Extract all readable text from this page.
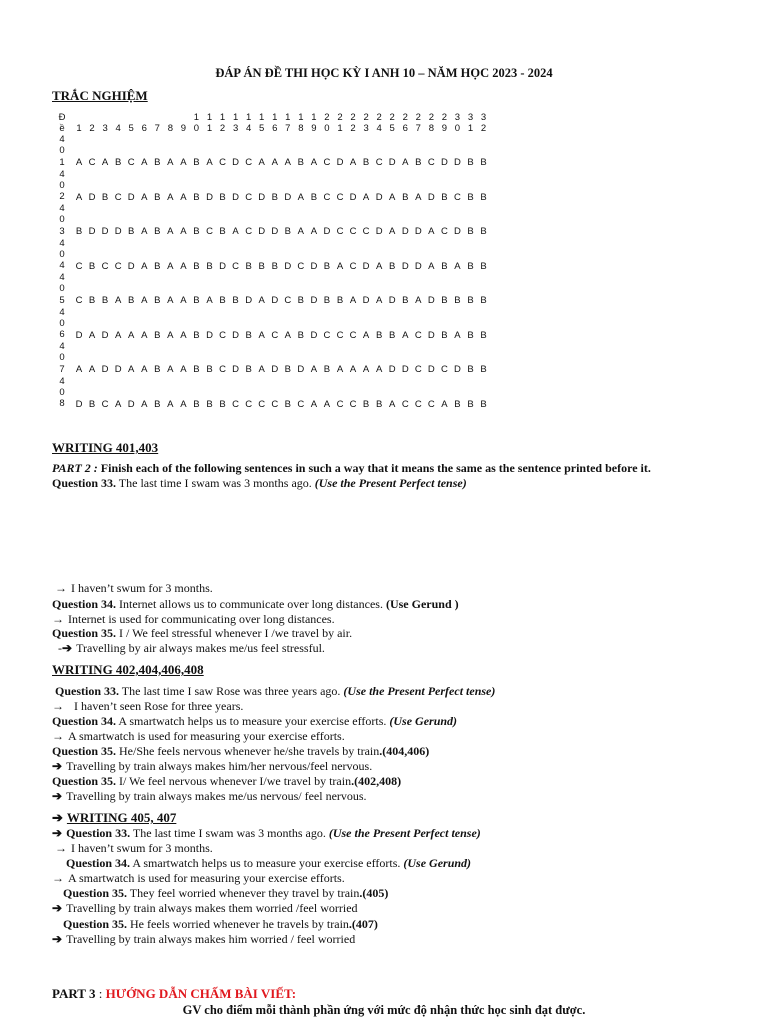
ĐÁP ÁN ĐỀ THI HỌC KỲ I ANH 10 – NĂM HỌC 2023 - 2024
TRẮC NGHIỆM
Đ
ề	1 2 3 4 5 6 7 8 9
1
0
1
1
1
2
1
3
1
4
1
5
1
6
1
7
1
8
1
9
2
0
2
1
2
2
2
3
2
4
2
5
2
6
2
7
2
8
2
9
3
0
3
1
3
2
4
0
1 A C A B C A B A A B A C D C A A A B A C D A B C D A B C D D B B
4
0
2 A D B C D A B A A B D B D C D B D A B C C D A D A B A D B C B B
4
0
3 B D D D B A B A A B C B A C D D B A A D C C C D A D D A C D B B
4
0
4 C B C C D A B A A B B D C B B B D C D B A C D A B D D A B A B B
4
0
5 C B B A B A B A A B A B B D A D C B D B B A D A D B A D B B B B
4
0
6 D A D A A A B A A B D C D B A C A B D C C C A B B A C D B A B B
4
0
7 A A D D A A B A A B B C D B A D B D A B A A A A D D C D C D B B
4
0
8 D B C A D A B A A B B B C C C C B C A A C C B B A C C C A B B B
WRITING 401,403
PART 2 : Finish each of the following sentences in such a way that it means the same as the sentence printed before it.
Question 33. The last time I swam was 3 months ago. (Use the Present Perfect tense)
→ I haven’t swum for 3 months.
Question 34. Internet allows us to communicate over long distances. (Use Gerund )
→ Internet is used for communicating over long distances.
Question 35. I / We feel stressful whenever I /we travel by air.
-➔ Travelling by air always makes me/us feel stressful.
WRITING 402,404,406,408
Question 33. The last time I saw Rose was three years ago. (Use the Present Perfect tense)
→ I haven’t seen Rose for three years.
Question 34. A smartwatch helps us to measure your exercise efforts. (Use Gerund)
→ A smartwatch is used for measuring your exercise efforts.
Question 35. He/She feels nervous whenever he/she travels by train.(404,406)
➔ Travelling by train always makes him/her nervous/feel nervous.
Question 35. I/ We feel nervous whenever I/we travel by train.(402,408)
➔ Travelling by train always makes me/us nervous/ feel nervous.
➔ WRITING 405, 407
➔ Question 33. The last time I swam was 3 months ago. (Use the Present Perfect tense)
→ I haven’t swum for 3 months.
Question 34. A smartwatch helps us to measure your exercise efforts. (Use Gerund)
→ A smartwatch is used for measuring your exercise efforts.
Question 35. They feel worried whenever they travel by train.(405)
➔ Travelling by train always makes them worried /feel worried
Question 35. He feels worried whenever he travels by train.(407)
➔ Travelling by train always makes him worried / feel worried
PART 3 : HƯỚNG DẪN CHẤM BÀI VIẾT:
GV cho điểm mỗi thành phần ứng với mức độ nhận thức học sinh đạt được.
